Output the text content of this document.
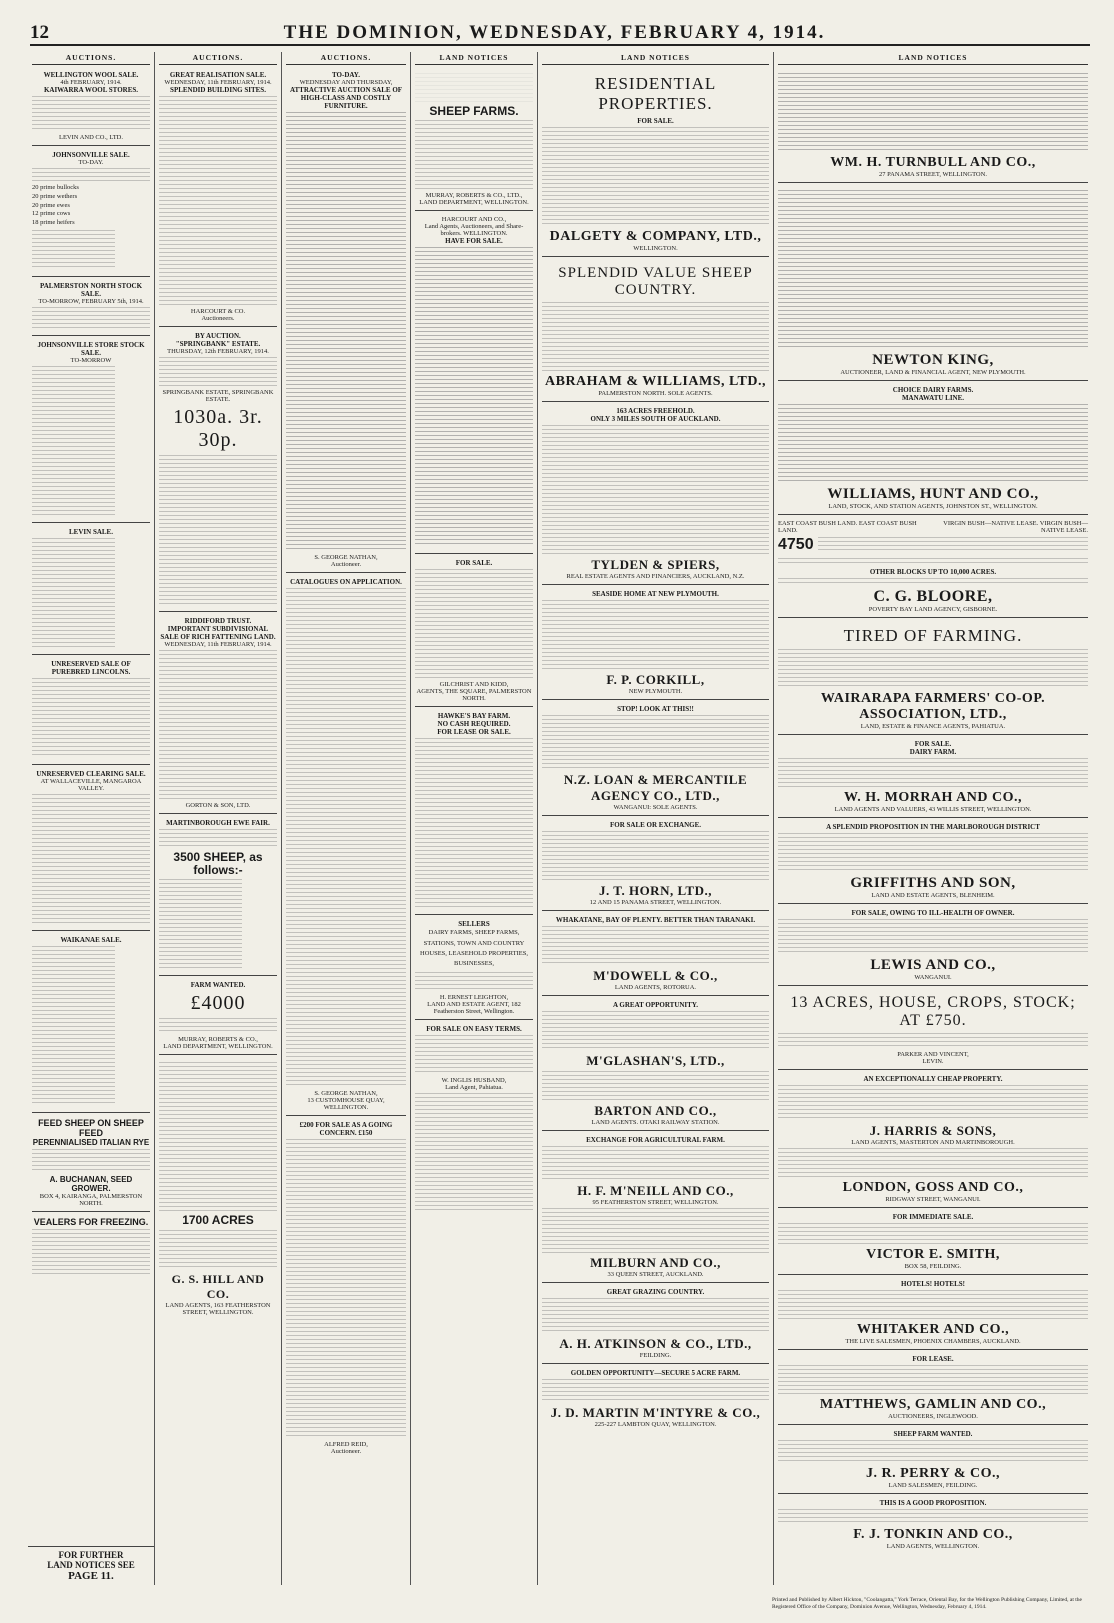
12	THE DOMINION, WEDNESDAY, FEBRUARY 4, 1914.
AUCTIONS.
WELLINGTON WOOL SALE.
4th FEBRUARY, 1914.
KAIWARRA WOOL STORES.
LEVIN AND CO., LTD.
JOHNSONVILLE SALE.
TO-DAY.
20 prime bullocks
20 prime wethers
20 prime ewes
12 prime cows
18 prime heifers
PALMERSTON NORTH STOCK SALE.
TO-MORROW, FEBRUARY 5th, 1914.
JOHNSONVILLE STORE STOCK SALE.
TO-MORROW
LEVIN SALE.
UNRESERVED SALE OF PUREBRED LINCOLNS.
UNRESERVED CLEARING SALE.
AT WALLACEVILLE, MANGAROA VALLEY.
WAIKANAE SALE.
FEED SHEEP ON SHEEP FEED
PERENNIALISED ITALIAN RYE
A. BUCHANAN, SEED GROWER.
BOX 4, KAIRANGA, PALMERSTON NORTH.
VEALERS FOR FREEZING.
FOR FURTHER
LAND NOTICES SEE
PAGE 11.
AUCTIONS.
GREAT REALISATION SALE.
WEDNESDAY, 11th FEBRUARY, 1914.
SPLENDID BUILDING SITES.
HARCOURT & CO.
Auctioneers.
BY AUCTION.
"SPRINGBANK" ESTATE.
THURSDAY, 12th FEBRUARY, 1914.
SPRINGBANK ESTATE, SPRINGBANK ESTATE.
1030a. 3r. 30p.
RIDDIFORD TRUST.
IMPORTANT SUBDIVISIONAL SALE OF RICH FATTENING LAND.
WEDNESDAY, 11th FEBRUARY, 1914.
GORTON & SON, LTD.
MARTINBOROUGH EWE FAIR.
3500 SHEEP, as follows:-
FARM WANTED.
£4000
MURRAY, ROBERTS & CO.,
LAND DEPARTMENT, WELLINGTON.
1700 ACRES
G. S. HILL AND CO.
LAND AGENTS, 163 FEATHERSTON STREET, WELLINGTON.
AUCTIONS.
TO-DAY.
WEDNESDAY AND THURSDAY,
ATTRACTIVE AUCTION SALE OF HIGH-CLASS AND COSTLY FURNITURE.
S. GEORGE NATHAN,
Auctioneer.
CATALOGUES ON APPLICATION.
S. GEORGE NATHAN,
13 CUSTOMHOUSE QUAY, WELLINGTON.
£200 FOR SALE AS A GOING CONCERN. £150
ALFRED REID,
Auctioneer.
LAND NOTICES
SHEEP FARMS.
MURRAY, ROBERTS & CO., LTD.,
LAND DEPARTMENT, WELLINGTON.
HARCOURT AND CO.,
Land Agents, Auctioneers, and Share-brokers. WELLINGTON.
HAVE FOR SALE.
FOR SALE.
GILCHRIST AND KIDD,
AGENTS, THE SQUARE, PALMERSTON NORTH.
HAWKE'S BAY FARM.
NO CASH REQUIRED.
FOR LEASE OR SALE.
SELLERS
DAIRY FARMS, SHEEP FARMS, STATIONS, TOWN AND COUNTRY HOUSES, LEASEHOLD PROPERTIES, BUSINESSES,
H. ERNEST LEIGHTON,
LAND AND ESTATE AGENT, 182 Featherston Street, Wellington.
FOR SALE ON EASY TERMS.
W. INGLIS HUSBAND,
Land Agent, Pahiatua.
LAND NOTICES
RESIDENTIAL PROPERTIES.
FOR SALE.
DALGETY & COMPANY, LTD.,
WELLINGTON.
SPLENDID VALUE SHEEP COUNTRY.
ABRAHAM & WILLIAMS, LTD.,
PALMERSTON NORTH. SOLE AGENTS.
163 ACRES FREEHOLD.
ONLY 3 MILES SOUTH OF AUCKLAND.
TYLDEN & SPIERS,
REAL ESTATE AGENTS AND FINANCIERS, AUCKLAND, N.Z.
SEASIDE HOME AT NEW PLYMOUTH.
F. P. CORKILL,
NEW PLYMOUTH.
STOP! LOOK AT THIS!!
N.Z. LOAN & MERCANTILE AGENCY CO., LTD.,
WANGANUI: SOLE AGENTS.
FOR SALE OR EXCHANGE.
J. T. HORN, LTD.,
12 AND 15 PANAMA STREET, WELLINGTON.
WHAKATANE, BAY OF PLENTY. BETTER THAN TARANAKI.
M'DOWELL & CO.,
LAND AGENTS, ROTORUA.
A GREAT OPPORTUNITY.
M'GLASHAN'S, LTD.,
BARTON AND CO.,
LAND AGENTS. OTAKI RAILWAY STATION.
EXCHANGE FOR AGRICULTURAL FARM.
H. F. M'NEILL AND CO.,
95 FEATHERSTON STREET, WELLINGTON.
MILBURN AND CO.,
33 QUEEN STREET, AUCKLAND.
GREAT GRAZING COUNTRY.
A. H. ATKINSON & CO., LTD.,
FEILDING.
GOLDEN OPPORTUNITY—SECURE 5 ACRE FARM.
J. D. MARTIN M'INTYRE & CO.,
225-227 LAMBTON QUAY, WELLINGTON.
LAND NOTICES
WM. H. TURNBULL AND CO.,
27 PANAMA STREET, WELLINGTON.
NEWTON KING,
AUCTIONEER, LAND & FINANCIAL AGENT, NEW PLYMOUTH.
CHOICE DAIRY FARMS.
MANAWATU LINE.
WILLIAMS, HUNT AND CO.,
LAND, STOCK, AND STATION AGENTS, JOHNSTON ST., WELLINGTON.
EAST COAST BUSH LAND. EAST COAST BUSH LAND.
VIRGIN BUSH—NATIVE LEASE. VIRGIN BUSH—NATIVE LEASE.
4750
OTHER BLOCKS UP TO 10,000 ACRES.
C. G. BLOORE,
POVERTY BAY LAND AGENCY, GISBORNE.
TIRED OF FARMING.
WAIRARAPA FARMERS' CO-OP. ASSOCIATION, LTD.,
LAND, ESTATE & FINANCE AGENTS, PAHIATUA.
FOR SALE.
DAIRY FARM.
W. H. MORRAH AND CO.,
LAND AGENTS AND VALUERS, 43 WILLIS STREET, WELLINGTON.
A SPLENDID PROPOSITION IN THE MARLBOROUGH DISTRICT
GRIFFITHS AND SON,
LAND AND ESTATE AGENTS, BLENHEIM.
FOR SALE, OWING TO ILL-HEALTH OF OWNER.
LEWIS AND CO.,
WANGANUI.
13 ACRES, HOUSE, CROPS, STOCK; AT £750.
PARKER AND VINCENT,
LEVIN.
AN EXCEPTIONALLY CHEAP PROPERTY.
J. HARRIS & SONS,
LAND AGENTS, MASTERTON AND MARTINBOROUGH.
LONDON, GOSS AND CO.,
RIDGWAY STREET, WANGANUI.
FOR IMMEDIATE SALE.
VICTOR E. SMITH,
BOX 58, FEILDING.
HOTELS! HOTELS!
WHITAKER AND CO.,
THE LIVE SALESMEN, PHOENIX CHAMBERS, AUCKLAND.
FOR LEASE.
MATTHEWS, GAMLIN AND CO.,
AUCTIONEERS, INGLEWOOD.
SHEEP FARM WANTED.
J. R. PERRY & CO.,
LAND SALESMEN, FEILDING.
THIS IS A GOOD PROPOSITION.
F. J. TONKIN AND CO.,
LAND AGENTS, WELLINGTON.
Printed and Published by Albert Hickton, "Coolangatta," York Terrace, Oriental Bay, for the Wellington Publishing Company, Limited, at the Registered Office of the Company, Dominion Avenue, Wellington, Wednesday, February 4, 1914.
